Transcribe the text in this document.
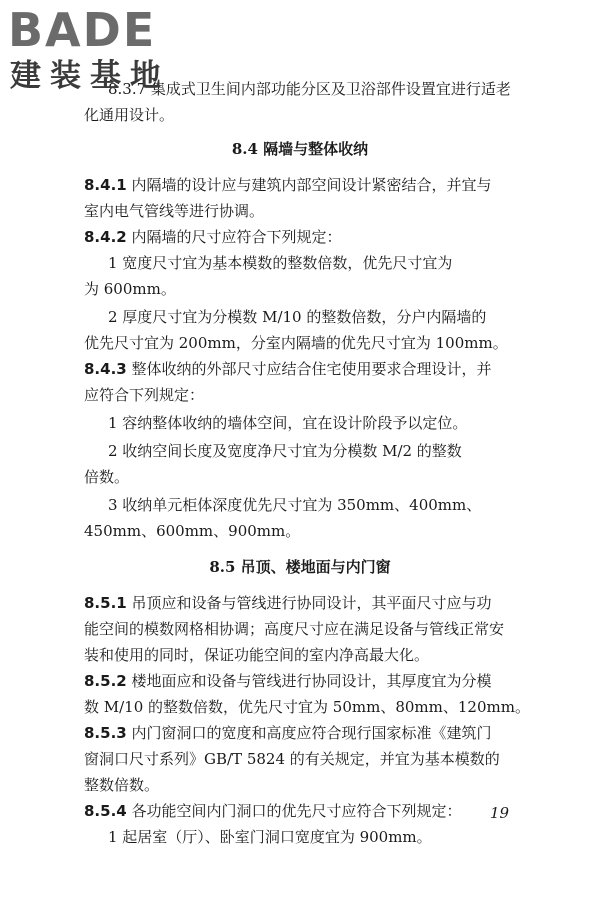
8.3.7 集成式卫生间内部功能分区及卫浴部件设置宜进行适老

化通用设计。

8.4 隔墙与整体收纳

8.4.1 内隔墙的设计应与建筑内部空间设计紧密结合，并宜与

室内电气管线等进行协调。

8.4.2 内隔墙的尺寸应符合下列规定：

1 宽度尺寸宜为基本模数的整数倍数，优先尺寸宜为

为 600mm。

2 厚度尺寸宜为分模数 M/10 的整数倍数，分户内隔墙的

优先尺寸宜为 200mm，分室内隔墙的优先尺寸宜为 100mm。

8.4.3 整体收纳的外部尺寸应结合住宅使用要求合理设计，并

应符合下列规定：

1 容纳整体收纳的墙体空间，宜在设计阶段予以定位。

2 收纳空间长度及宽度净尺寸宜为分模数 M/2 的整数

倍数。

3 收纳单元柜体深度优先尺寸宜为 350mm、400mm、

450mm、600mm、900mm。

8.5 吊顶、楼地面与内门窗

8.5.1 吊顶应和设备与管线进行协同设计，其平面尺寸应与功

能空间的模数网格相协调；高度尺寸应在满足设备与管线正常安

装和使用的同时，保证功能空间的室内净高最大化。

8.5.2 楼地面应和设备与管线进行协同设计，其厚度宜为分模

数 M/10 的整数倍数，优先尺寸宜为 50mm、80mm、120mm。

8.5.3 内门窗洞口的宽度和高度应符合现行国家标准《建筑门

窗洞口尺寸系列》GB/T 5824 的有关规定，并宜为基本模数的

整数倍数。

8.5.4 各功能空间内门洞口的优先尺寸应符合下列规定：

1 起居室（厅）、卧室门洞口宽度宜为 900mm。

19
BADE
建装基地
